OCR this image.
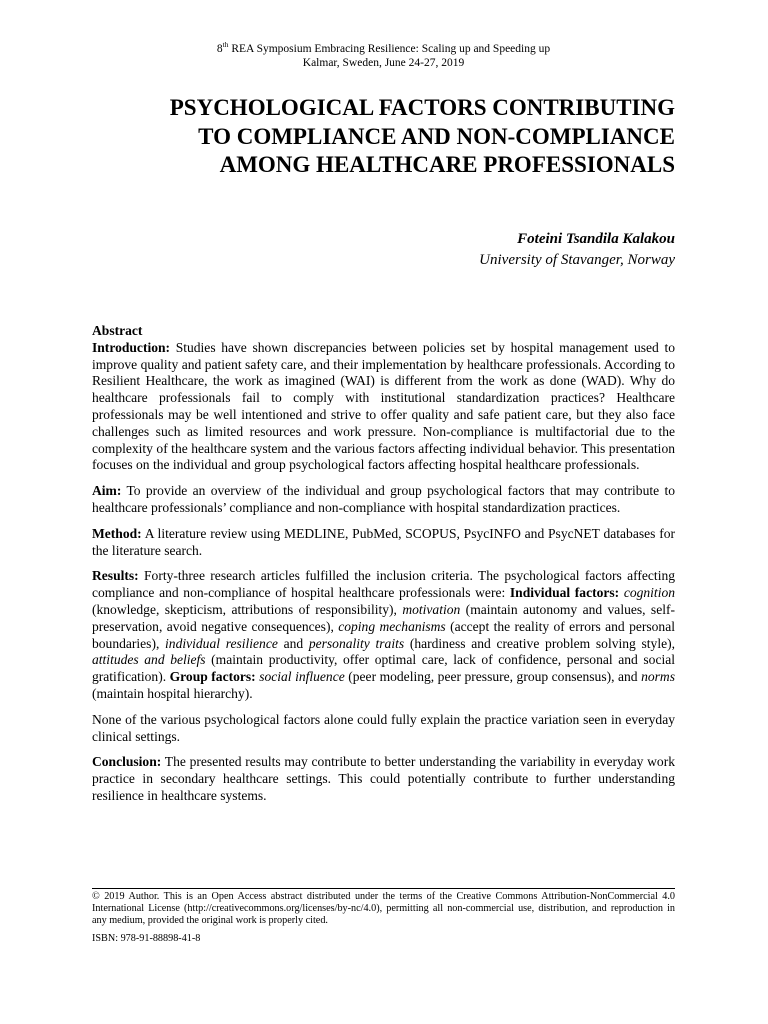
8th REA Symposium Embracing Resilience: Scaling up and Speeding up
Kalmar, Sweden, June 24-27, 2019
PSYCHOLOGICAL FACTORS CONTRIBUTING
TO COMPLIANCE AND NON-COMPLIANCE
AMONG HEALTHCARE PROFESSIONALS
Foteini Tsandila Kalakou
University of Stavanger, Norway

Abstract

Introduction: Studies have shown discrepancies between policies set by hospital management used to improve quality and patient safety care, and their implementation by healthcare professionals. According to Resilient Healthcare, the work as imagined (WAI) is different from the work as done (WAD). Why do healthcare professionals fail to comply with institutional standardization practices? Healthcare professionals may be well intentioned and strive to offer quality and safe patient care, but they also face challenges such as limited resources and work pressure. Non-compliance is multifactorial due to the complexity of the healthcare system and the various factors affecting individual behavior. This presentation focuses on the individual and group psychological factors affecting hospital healthcare professionals.

Aim: To provide an overview of the individual and group psychological factors that may contribute to healthcare professionals’ compliance and non-compliance with hospital standardization practices.

Method: A literature review using MEDLINE, PubMed, SCOPUS, PsycINFO and PsycNET databases for the literature search.

Results: Forty-three research articles fulfilled the inclusion criteria. The psychological factors affecting compliance and non-compliance of hospital healthcare professionals were: Individual factors: cognition (knowledge, skepticism, attributions of responsibility), motivation (maintain autonomy and values, self-preservation, avoid negative consequences), coping mechanisms (accept the reality of errors and personal boundaries), individual resilience and personality traits (hardiness and creative problem solving style), attitudes and beliefs (maintain productivity, offer optimal care, lack of confidence, personal and social gratification). Group factors: social influence (peer modeling, peer pressure, group consensus), and norms (maintain hospital hierarchy).

None of the various psychological factors alone could fully explain the practice variation seen in everyday clinical settings.

Conclusion: The presented results may contribute to better understanding the variability in everyday work practice in secondary healthcare settings. This could potentially contribute to further understanding resilience in healthcare systems.

© 2019 Author. This is an Open Access abstract distributed under the terms of the Creative Commons Attribution-NonCommercial 4.0 International License (http://creativecommons.org/licenses/by-nc/4.0), permitting all non-commercial use, distribution, and reproduction in any medium, provided the original work is properly cited.

ISBN: 978-91-88898-41-8
